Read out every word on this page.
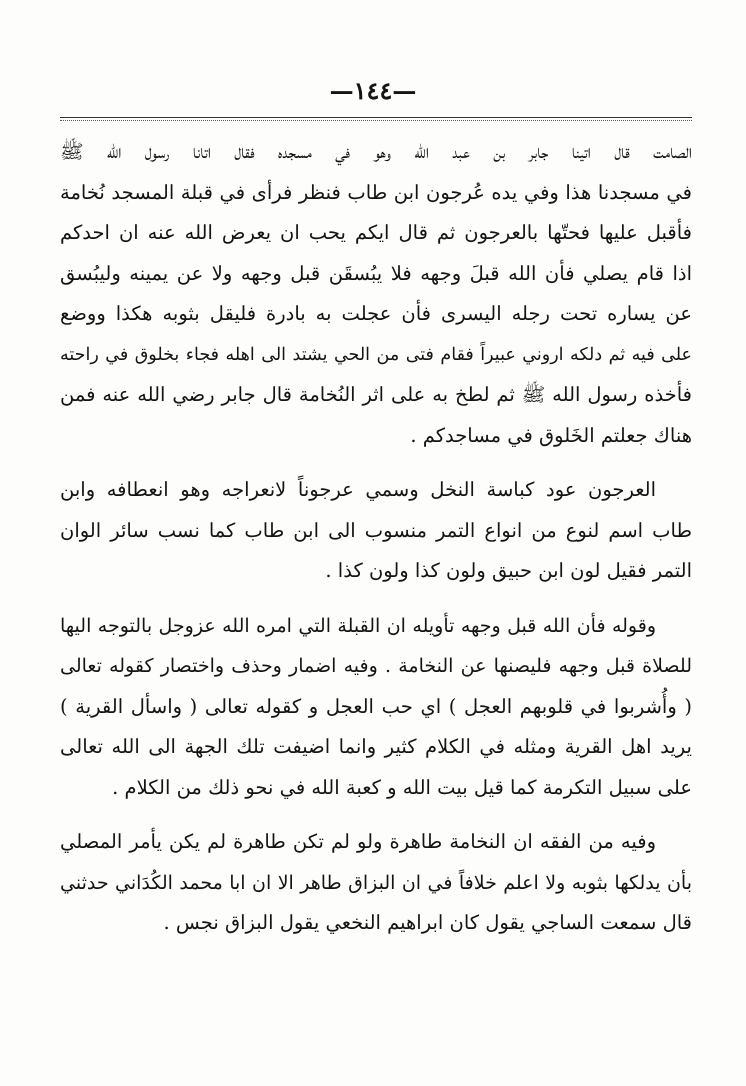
—١٤٤—
الصامت قال اتينا جابر بن عبد الله وهو في مسجده فقال اتانا رسول الله ﷺ
في مسجدنا هذا وفي يده عُرجون ابن طاب فنظر فرأى في قبلة المسجد نُخامة
فأقبل عليها فحتّها بالعرجون ثم قال ايكم يحب ان يعرض الله عنه ان احدكم
اذا قام يصلي فأن الله قبلَ وجهه فلا يبُسقَن قبل وجهه ولا عن يمينه وليبُسق
عن يساره تحت رجله اليسرى فأن عجلت به بادرة فليقل بثوبه هكذا ووضع
على فيه ثم دلكه اروني عبيراً فقام فتى من الحي يشتد الى اهله فجاء بخلوق في راحته
فأخذه رسول الله ﷺ ثم لطخ به على اثر النُخامة قال جابر رضي الله عنه فمن
هناك جعلتم الخَلوق في مساجدكم .
العرجون عود كباسة النخل وسمي عرجوناً لانعراجه وهو انعطافه وابن
طاب اسم لنوع من انواع التمر منسوب الى ابن طاب كما نسب سائر الوان
التمر فقيل لون ابن حبيق ولون كذا ولون كذا .
وقوله فأن الله قبل وجهه تأويله ان القبلة التي امره الله عزوجل بالتوجه اليها
للصلاة قبل وجهه فليصنها عن النخامة . وفيه اضمار وحذف واختصار كقوله تعالى
( وأُشربوا في قلوبهم العجل ) اي حب العجل و كقوله تعالى ( واسأل القرية )
يريد اهل القرية ومثله في الكلام كثير وانما اضيفت تلك الجهة الى الله تعالى
على سبيل التكرمة كما قيل بيت الله و كعبة الله في نحو ذلك من الكلام .
وفيه من الفقه ان النخامة طاهرة ولو لم تكن طاهرة لم يكن يأمر المصلي
بأن يدلكها بثوبه ولا اعلم خلافاً في ان البزاق طاهر الا ان ابا محمد الكُدَاني حدثني
قال سمعت الساجي يقول كان ابراهيم النخعي يقول البزاق نجس .
